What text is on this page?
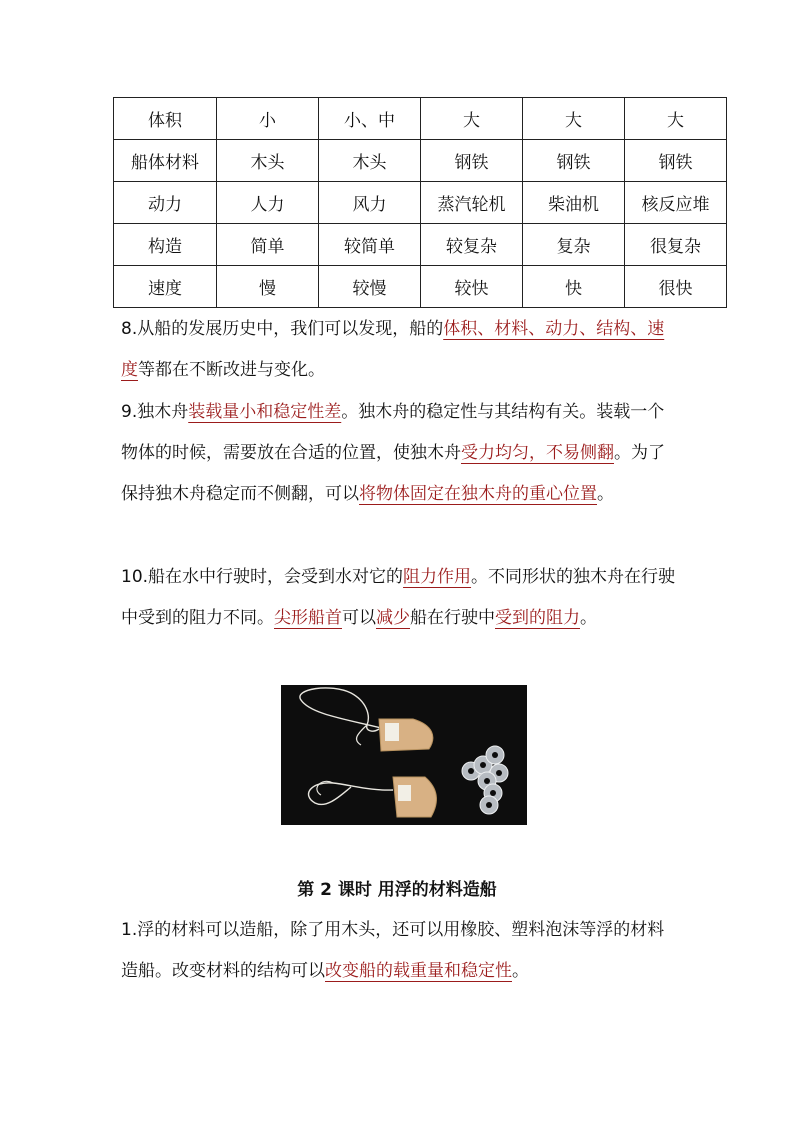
体积	小	小、中	大	大	大
船体材料	木头	木头	钢铁	钢铁	钢铁
动力	人力	风力	蒸汽轮机	柴油机	核反应堆
构造	简单	较简单	较复杂	复杂	很复杂
速度	慢	较慢	较快	快	很快

8.从船的发展历史中，我们可以发现，船的体积、材料、动力、结构、速度等都在不断改进与变化。

9.独木舟装载量小和稳定性差。独木舟的稳定性与其结构有关。装载一个物体的时候，需要放在合适的位置，使独木舟受力均匀，不易侧翻。为了保持独木舟稳定而不侧翻，可以将物体固定在独木舟的重心位置。

10.船在水中行驶时，会受到水对它的阻力作用。不同形状的独木舟在行驶中受到的阻力不同。尖形船首可以减少船在行驶中受到的阻力。

第 2 课时 用浮的材料造船

1.浮的材料可以造船，除了用木头，还可以用橡胶、塑料泡沫等浮的材料造船。改变材料的结构可以改变船的载重量和稳定性。
